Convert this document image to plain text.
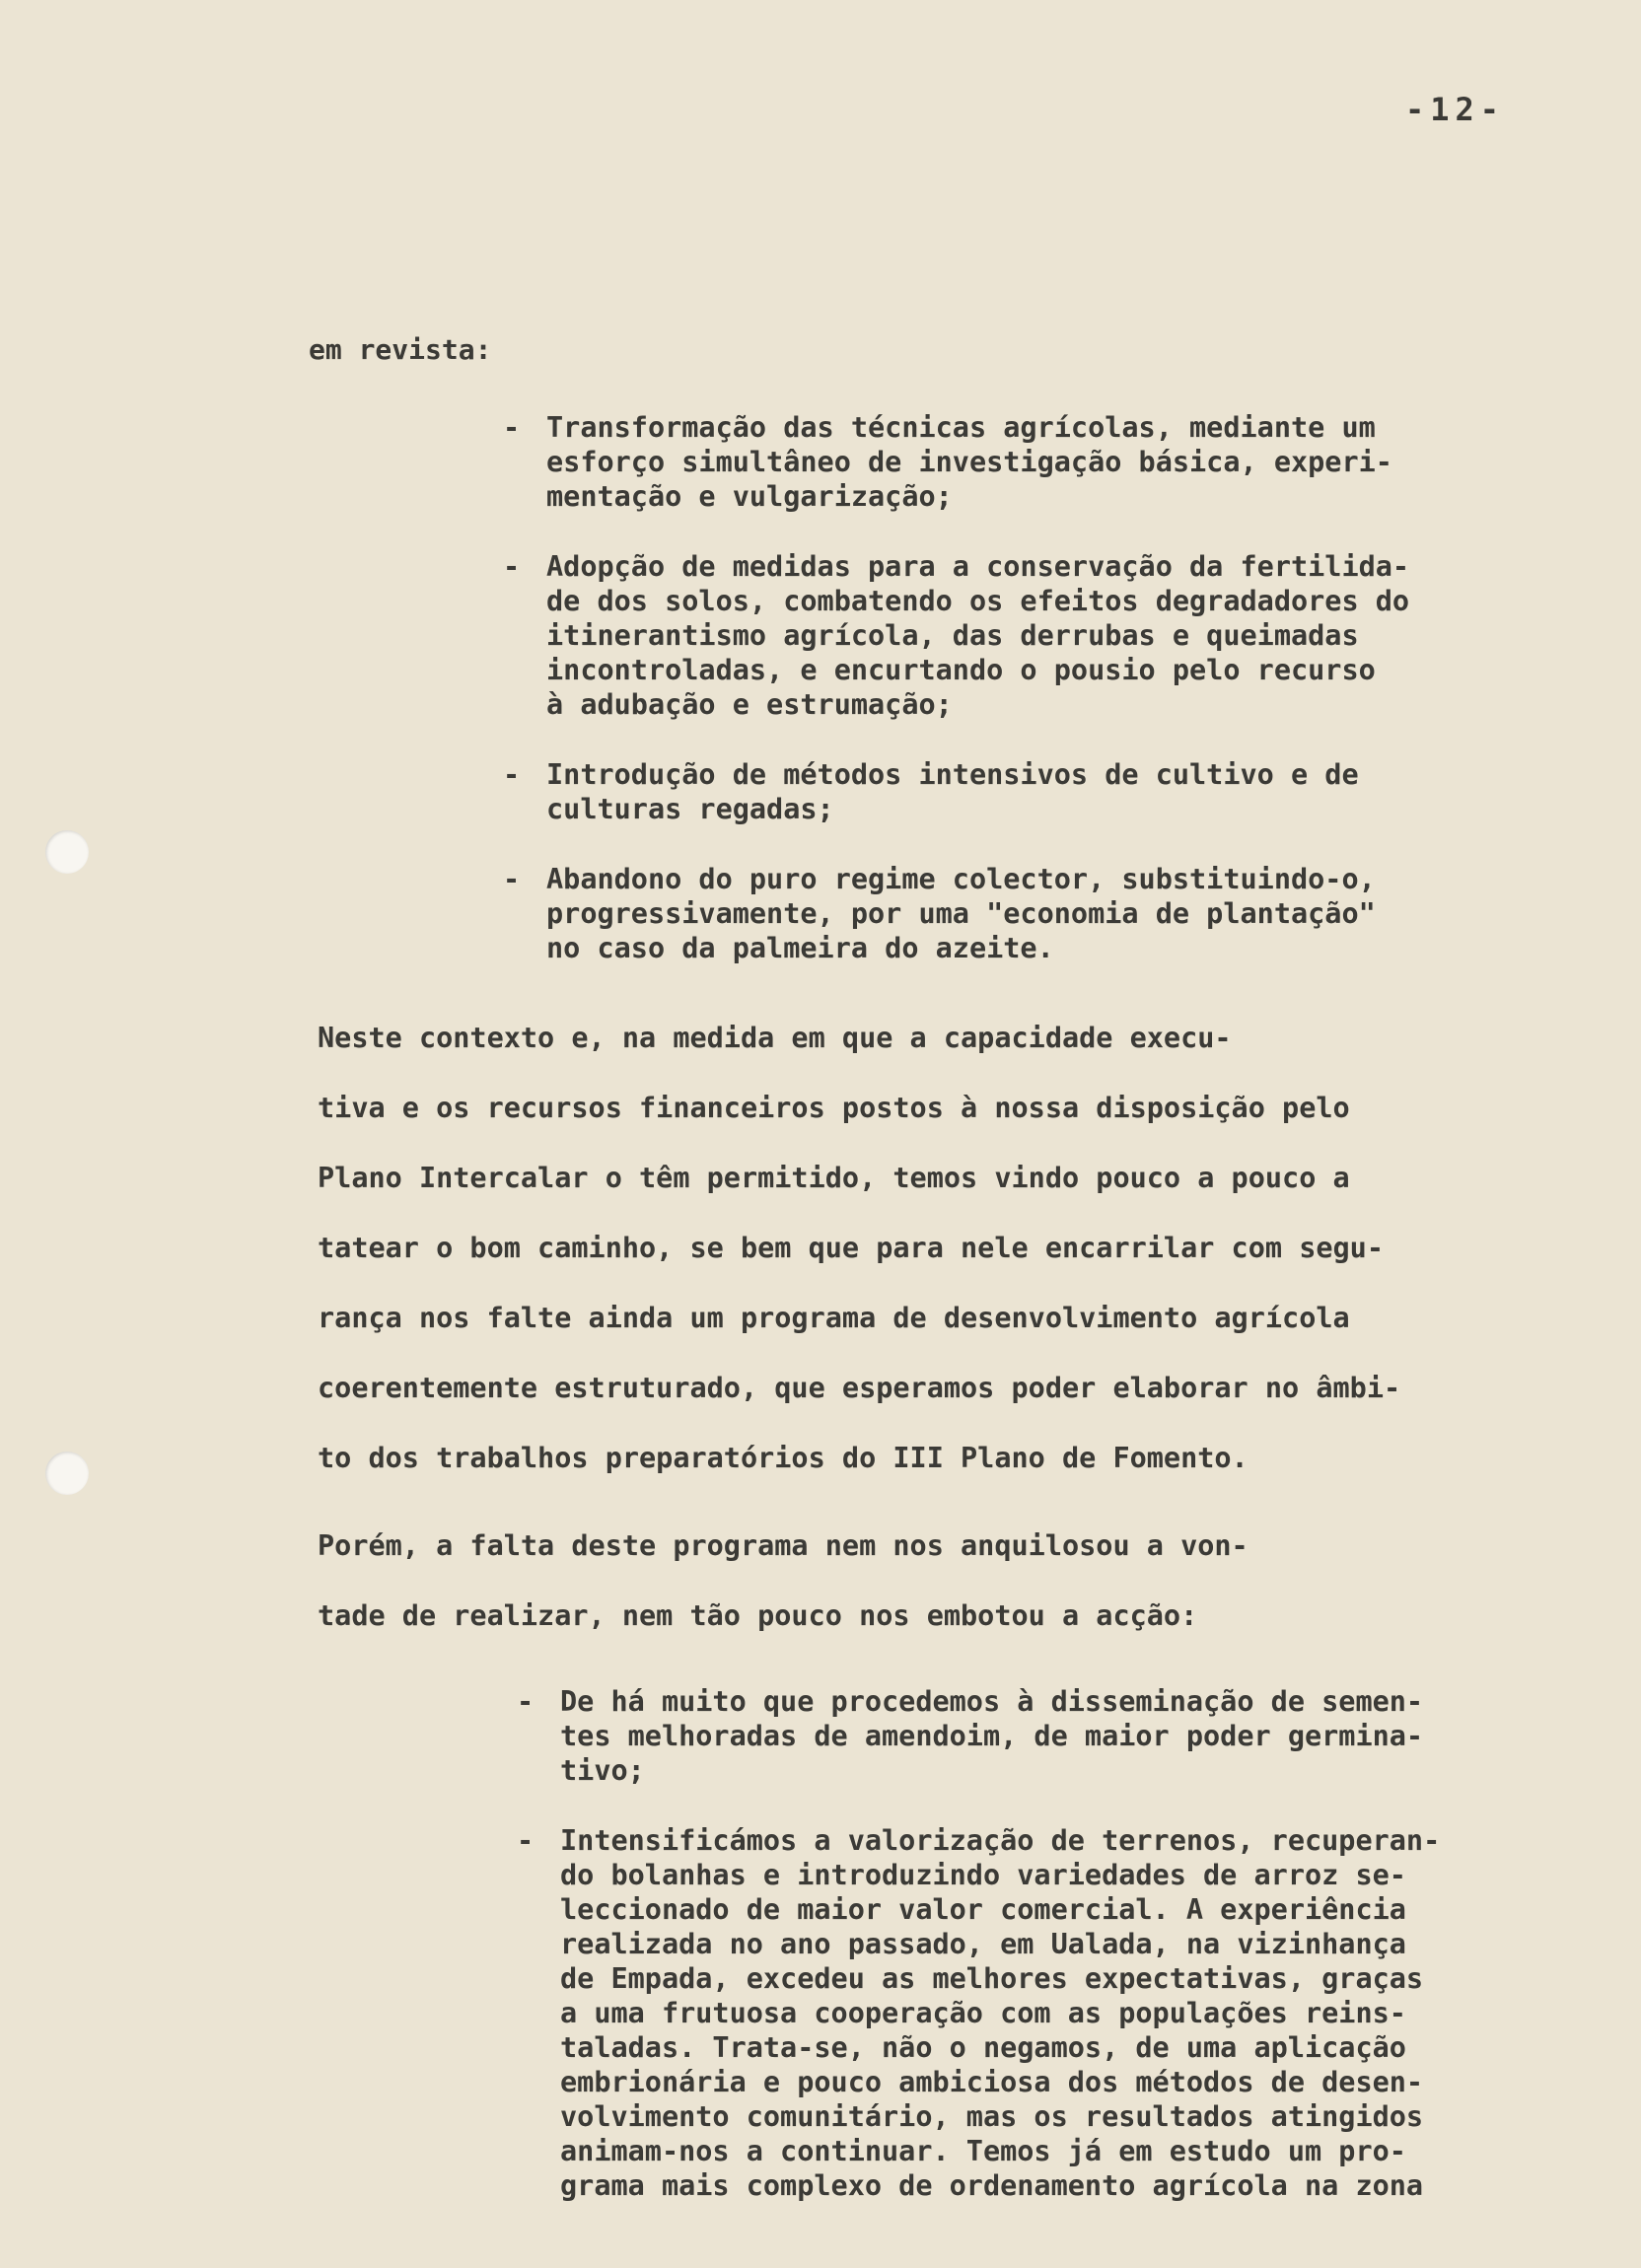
-12-
em revista:
- Transformação das técnicas agrícolas, mediante um
esforço simultâneo de investigação básica, experi-
mentação e vulgarização;
- Adopção de medidas para a conservação da fertilida-
de dos solos, combatendo os efeitos degradadores do
itinerantismo agrícola, das derrubas e queimadas
incontroladas, e encurtando o pousio pelo recurso
à adubação e estrumação;
- Introdução de métodos intensivos de cultivo e de
culturas regadas;
- Abandono do puro regime colector, substituindo-o,
progressivamente, por uma "economia de plantação"
no caso da palmeira do azeite.

Neste contexto e, na medida em que a capacidade execu-
tiva e os recursos financeiros postos à nossa disposição pelo
Plano Intercalar o têm permitido, temos vindo pouco a pouco a
tatear o bom caminho, se bem que para nele encarrilar com segu-
rança nos falte ainda um programa de desenvolvimento agrícola
coerentemente estruturado, que esperamos poder elaborar no âmbi-
to dos trabalhos preparatórios do III Plano de Fomento.

Porém, a falta deste programa nem nos anquilosou a von-
tade de realizar, nem tão pouco nos embotou a acção:

- De há muito que procedemos à disseminação de semen-
tes melhoradas de amendoim, de maior poder germina-
tivo;
- Intensificámos a valorização de terrenos, recuperan-
do bolanhas e introduzindo variedades de arroz se-
leccionado de maior valor comercial. A experiência
realizada no ano passado, em Ualada, na vizinhança
de Empada, excedeu as melhores expectativas, graças
a uma frutuosa cooperação com as populações reins-
taladas. Trata-se, não o negamos, de uma aplicação
embrionária e pouco ambiciosa dos métodos de desen-
volvimento comunitário, mas os resultados atingidos
animam-nos a continuar. Temos já em estudo um pro-
grama mais complexo de ordenamento agrícola na zona
